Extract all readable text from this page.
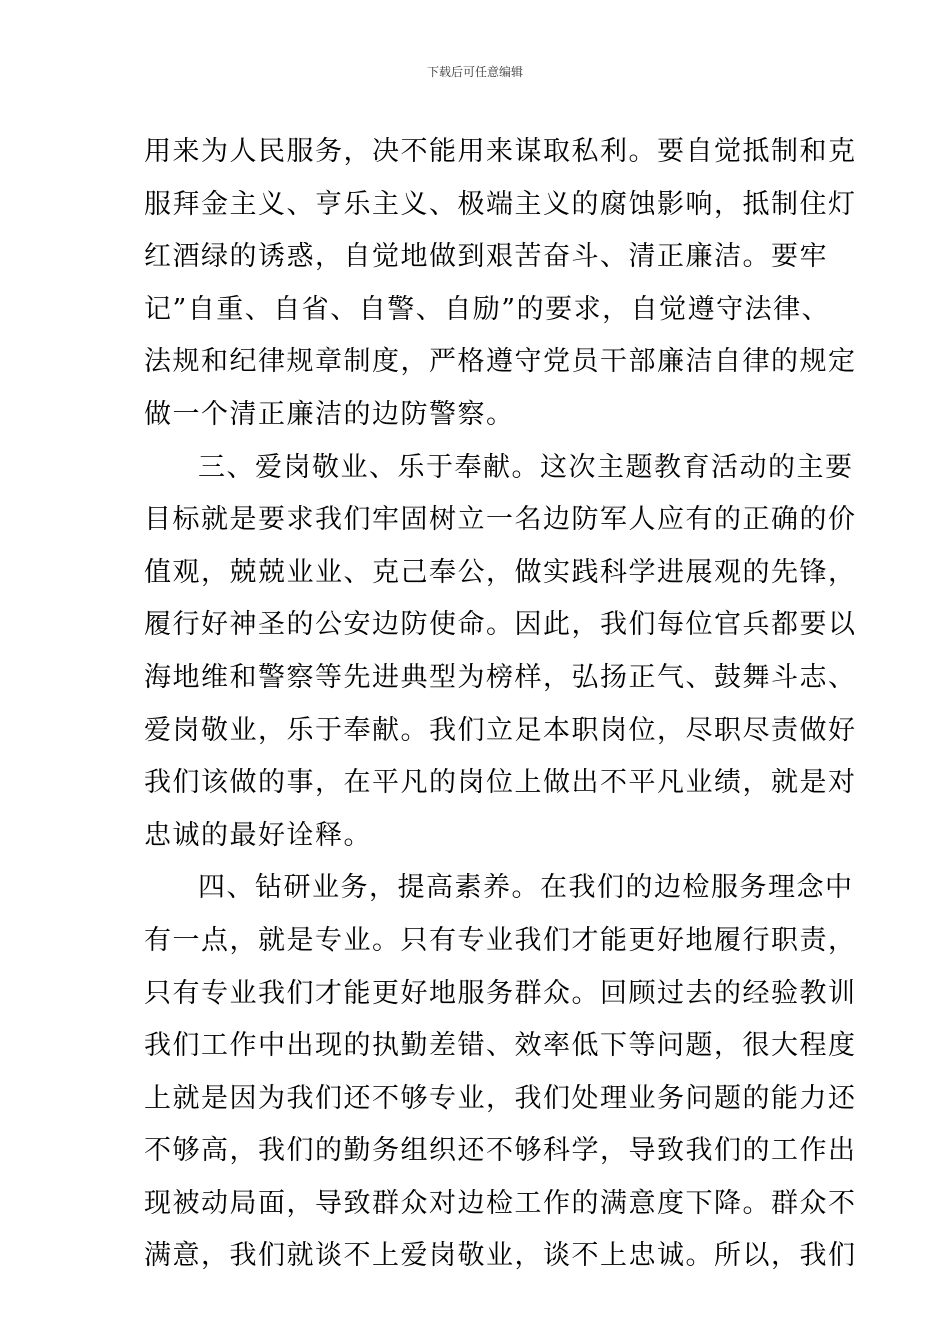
下载后可任意编辑
用来为人民服务，决不能用来谋取私利。要自觉抵制和克
服拜金主义、亨乐主义、极端主义的腐蚀影响，抵制住灯
红酒绿的诱惑，自觉地做到艰苦奋斗、清正廉洁。要牢
记”自重、自省、自警、自励”的要求，自觉遵守法律、
法规和纪律规章制度，严格遵守党员干部廉洁自律的规定
做一个清正廉洁的边防警察。
三、爱岗敬业、乐于奉献。这次主题教育活动的主要
目标就是要求我们牢固树立一名边防军人应有的正确的价
值观，兢兢业业、克己奉公，做实践科学进展观的先锋，
履行好神圣的公安边防使命。因此，我们每位官兵都要以
海地维和警察等先进典型为榜样，弘扬正气、鼓舞斗志、
爱岗敬业，乐于奉献。我们立足本职岗位，尽职尽责做好
我们该做的事，在平凡的岗位上做出不平凡业绩，就是对
忠诚的最好诠释。
四、钻研业务，提高素养。在我们的边检服务理念中
有一点，就是专业。只有专业我们才能更好地履行职责，
只有专业我们才能更好地服务群众。回顾过去的经验教训
我们工作中出现的执勤差错、效率低下等问题，很大程度
上就是因为我们还不够专业，我们处理业务问题的能力还
不够高，我们的勤务组织还不够科学，导致我们的工作出
现被动局面，导致群众对边检工作的满意度下降。群众不
满意，我们就谈不上爱岗敬业，谈不上忠诚。所以，我们
